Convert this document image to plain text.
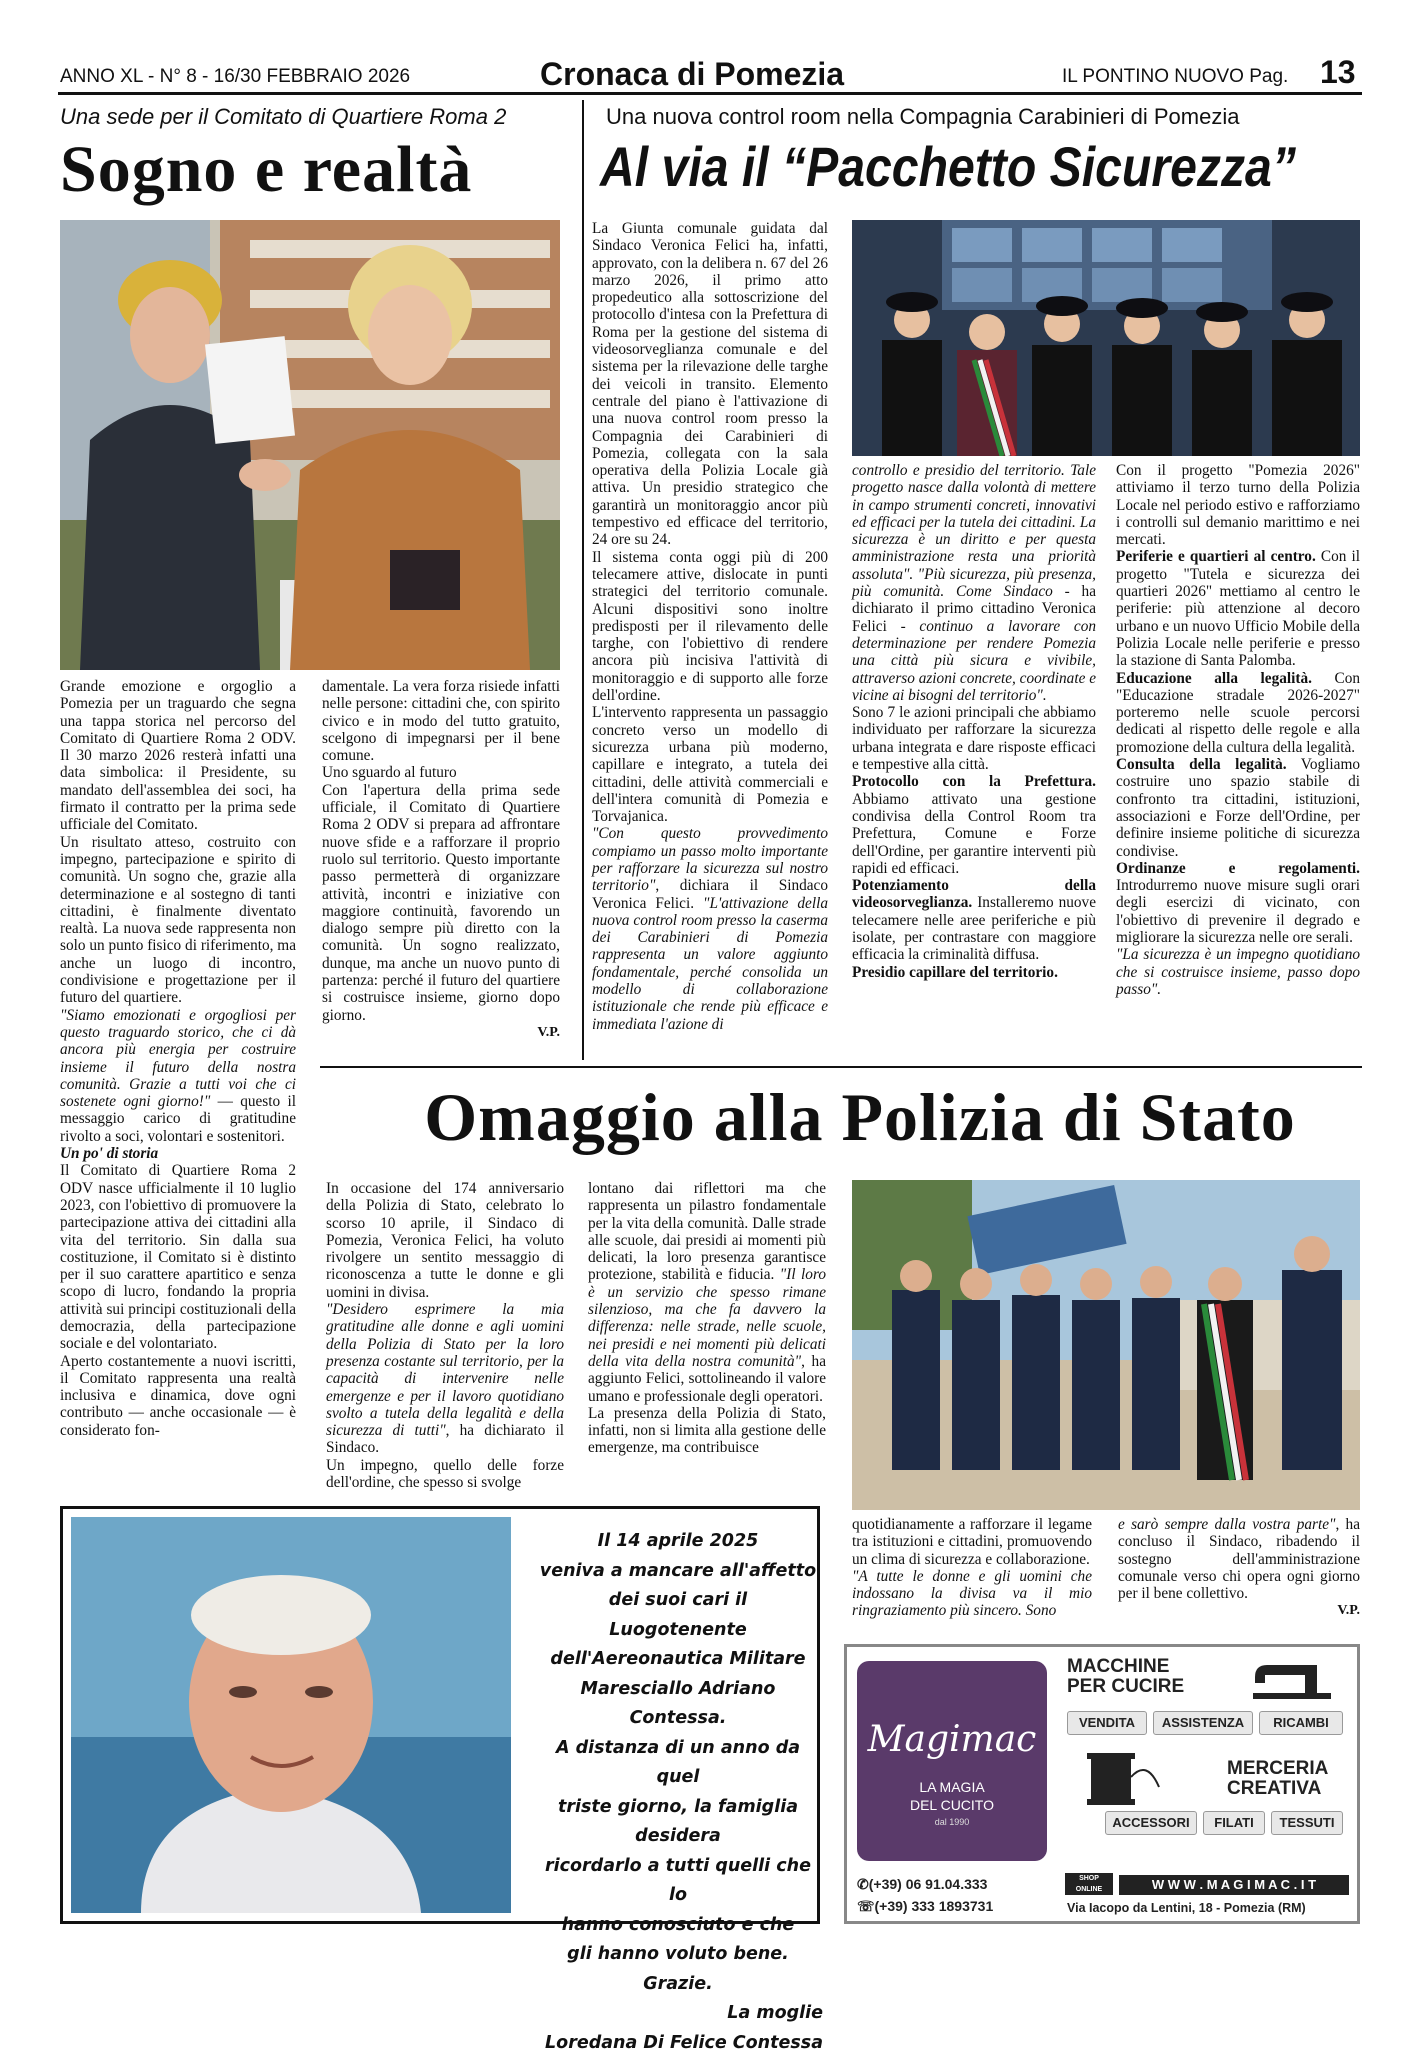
ANNO XL - N° 8 - 16/30 FEBBRAIO 2026	Cronaca di Pomezia	IL PONTINO NUOVO Pag. 13
Una sede per il Comitato di Quartiere Roma 2
Sogno e realtà

Grande emozione e orgoglio a Pomezia per un traguardo che segna una tappa storica nel percorso del Comitato di Quartiere Roma 2 ODV. Il 30 marzo 2026 resterà infatti una data simbolica: il Presidente, su mandato dell'assemblea dei soci, ha firmato il contratto per la prima sede ufficiale del Comitato.

Un risultato atteso, costruito con impegno, partecipazione e spirito di comunità. Un sogno che, grazie alla determinazione e al sostegno di tanti cittadini, è finalmente diventato realtà. La nuova sede rappresenta non solo un punto fisico di riferimento, ma anche un luogo di incontro, condivisione e progettazione per il futuro del quartiere.

"Siamo emozionati e orgogliosi per questo traguardo storico, che ci dà ancora più energia per costruire insieme il futuro della nostra comunità. Grazie a tutti voi che ci sostenete ogni giorno!" — questo il messaggio carico di gratitudine rivolto a soci, volontari e sostenitori.

Un po' di storia

Il Comitato di Quartiere Roma 2 ODV nasce ufficialmente il 10 luglio 2023, con l'obiettivo di promuovere la partecipazione attiva dei cittadini alla vita del territorio. Sin dalla sua costituzione, il Comitato si è distinto per il suo carattere apartitico e senza scopo di lucro, fondando la propria attività sui principi costituzionali della democrazia, della partecipazione sociale e del volontariato.

Aperto costantemente a nuovi iscritti, il Comitato rappresenta una realtà inclusiva e dinamica, dove ogni contributo — anche occasionale — è considerato fon-

damentale. La vera forza risiede infatti nelle persone: cittadini che, con spirito civico e in modo del tutto gratuito, scelgono di impegnarsi per il bene comune.

Uno sguardo al futuro

Con l'apertura della prima sede ufficiale, il Comitato di Quartiere Roma 2 ODV si prepara ad affrontare nuove sfide e a rafforzare il proprio ruolo sul territorio. Questo importante passo permetterà di organizzare attività, incontri e iniziative con maggiore continuità, favorendo un dialogo sempre più diretto con la comunità. Un sogno realizzato, dunque, ma anche un nuovo punto di partenza: perché il futuro del quartiere si costruisce insieme, giorno dopo giorno.

V.P.

Una nuova control room nella Compagnia Carabinieri di Pomezia
Al via il “Pacchetto Sicurezza”

La Giunta comunale guidata dal Sindaco Veronica Felici ha, infatti, approvato, con la delibera n. 67 del 26 marzo 2026, il primo atto propedeutico alla sottoscrizione del protocollo d'intesa con la Prefettura di Roma per la gestione del sistema di videosorveglianza comunale e del sistema per la rilevazione delle targhe dei veicoli in transito. Elemento centrale del piano è l'attivazione di una nuova control room presso la Compagnia dei Carabinieri di Pomezia, collegata con la sala operativa della Polizia Locale già attiva. Un presidio strategico che garantirà un monitoraggio ancor più tempestivo ed efficace del territorio, 24 ore su 24.

Il sistema conta oggi più di 200 telecamere attive, dislocate in punti strategici del territorio comunale. Alcuni dispositivi sono inoltre predisposti per il rilevamento delle targhe, con l'obiettivo di rendere ancora più incisiva l'attività di monitoraggio e di supporto alle forze dell'ordine.

L'intervento rappresenta un passaggio concreto verso un modello di sicurezza urbana più moderno, capillare e integrato, a tutela dei cittadini, delle attività commerciali e dell'intera comunità di Pomezia e Torvajanica.

"Con questo provvedimento compiamo un passo molto importante per rafforzare la sicurezza sul nostro territorio", dichiara il Sindaco Veronica Felici. "L'attivazione della nuova control room presso la caserma dei Carabinieri di Pomezia rappresenta un valore aggiunto fondamentale, perché consolida un modello di collaborazione istituzionale che rende più efficace e immediata l'azione di

controllo e presidio del territorio. Tale progetto nasce dalla volontà di mettere in campo strumenti concreti, innovativi ed efficaci per la tutela dei cittadini. La sicurezza è un diritto e per questa amministrazione resta una priorità assoluta". "Più sicurezza, più presenza, più comunità. Come Sindaco - ha dichiarato il primo cittadino Veronica Felici - continuo a lavorare con determinazione per rendere Pomezia una città più sicura e vivibile, attraverso azioni concrete, coordinate e vicine ai bisogni del territorio".

Sono 7 le azioni principali che abbiamo individuato per rafforzare la sicurezza urbana integrata e dare risposte efficaci e tempestive alla città.

Protocollo con la Prefettura. Abbiamo attivato una gestione condivisa della Control Room tra Prefettura, Comune e Forze dell'Ordine, per garantire interventi più rapidi ed efficaci.

Potenziamento della videosorveglianza. Installeremo nuove telecamere nelle aree periferiche e più isolate, per contrastare con maggiore efficacia la criminalità diffusa.

Presidio capillare del territorio.

Con il progetto "Pomezia 2026" attiviamo il terzo turno della Polizia Locale nel periodo estivo e rafforziamo i controlli sul demanio marittimo e nei mercati.

Periferie e quartieri al centro. Con il progetto "Tutela e sicurezza dei quartieri 2026" mettiamo al centro le periferie: più attenzione al decoro urbano e un nuovo Ufficio Mobile della Polizia Locale nelle periferie e presso la stazione di Santa Palomba.

Educazione alla legalità. Con "Educazione stradale 2026-2027" porteremo nelle scuole percorsi dedicati al rispetto delle regole e alla promozione della cultura della legalità.

Consulta della legalità. Vogliamo costruire uno spazio stabile di confronto tra cittadini, istituzioni, associazioni e Forze dell'Ordine, per definire insieme politiche di sicurezza condivise.

Ordinanze e regolamenti. Introdurremo nuove misure sugli orari degli esercizi di vicinato, con l'obiettivo di prevenire il degrado e migliorare la sicurezza nelle ore serali.

"La sicurezza è un impegno quotidiano che si costruisce insieme, passo dopo passo".

Omaggio alla Polizia di Stato

In occasione del 174 anniversario della Polizia di Stato, celebrato lo scorso 10 aprile, il Sindaco di Pomezia, Veronica Felici, ha voluto rivolgere un sentito messaggio di riconoscenza a tutte le donne e gli uomini in divisa.

"Desidero esprimere la mia gratitudine alle donne e agli uomini della Polizia di Stato per la loro presenza costante sul territorio, per la capacità di intervenire nelle emergenze e per il lavoro quotidiano svolto a tutela della legalità e della sicurezza di tutti", ha dichiarato il Sindaco.

Un impegno, quello delle forze dell'ordine, che spesso si svolge

lontano dai riflettori ma che rappresenta un pilastro fondamentale per la vita della comunità. Dalle strade alle scuole, dai presidi ai momenti più delicati, la loro presenza garantisce protezione, stabilità e fiducia. "Il loro è un servizio che spesso rimane silenzioso, ma che fa davvero la differenza: nelle strade, nelle scuole, nei presidi e nei momenti più delicati della vita della nostra comunità", ha aggiunto Felici, sottolineando il valore umano e professionale degli operatori.

La presenza della Polizia di Stato, infatti, non si limita alla gestione delle emergenze, ma contribuisce

quotidianamente a rafforzare il legame tra istituzioni e cittadini, promuovendo un clima di sicurezza e collaborazione.

"A tutte le donne e gli uomini che indossano la divisa va il mio ringraziamento più sincero. Sono

e sarò sempre dalla vostra parte", ha concluso il Sindaco, ribadendo il sostegno dell'amministrazione comunale verso chi opera ogni giorno per il bene collettivo.

V.P.

Il 14 aprile 2025
veniva a mancare all'affetto
dei suoi cari il
Luogotenente
dell'Aereonautica Militare
Maresciallo Adriano Contessa.
A distanza di un anno da quel
triste giorno, la famiglia desidera
ricordarlo a tutti quelli che lo
hanno conosciuto e che
gli hanno voluto bene.
Grazie.
La moglie
Loredana Di Felice Contessa
Magimac
LA MAGIA
DEL CUCITO
dal 1990
MACCHINE
PER CUCIRE
VENDITA	ASSISTENZA	RICAMBI
MERCERIA
CREATIVA
ACCESSORI	FILATI	TESSUTI
✆(+39) 06 91.04.333
☏(+39) 333 1893731
SHOP ONLINE	W W W . M A G I M A C . I T
Via Iacopo da Lentini, 18 - Pomezia (RM)
